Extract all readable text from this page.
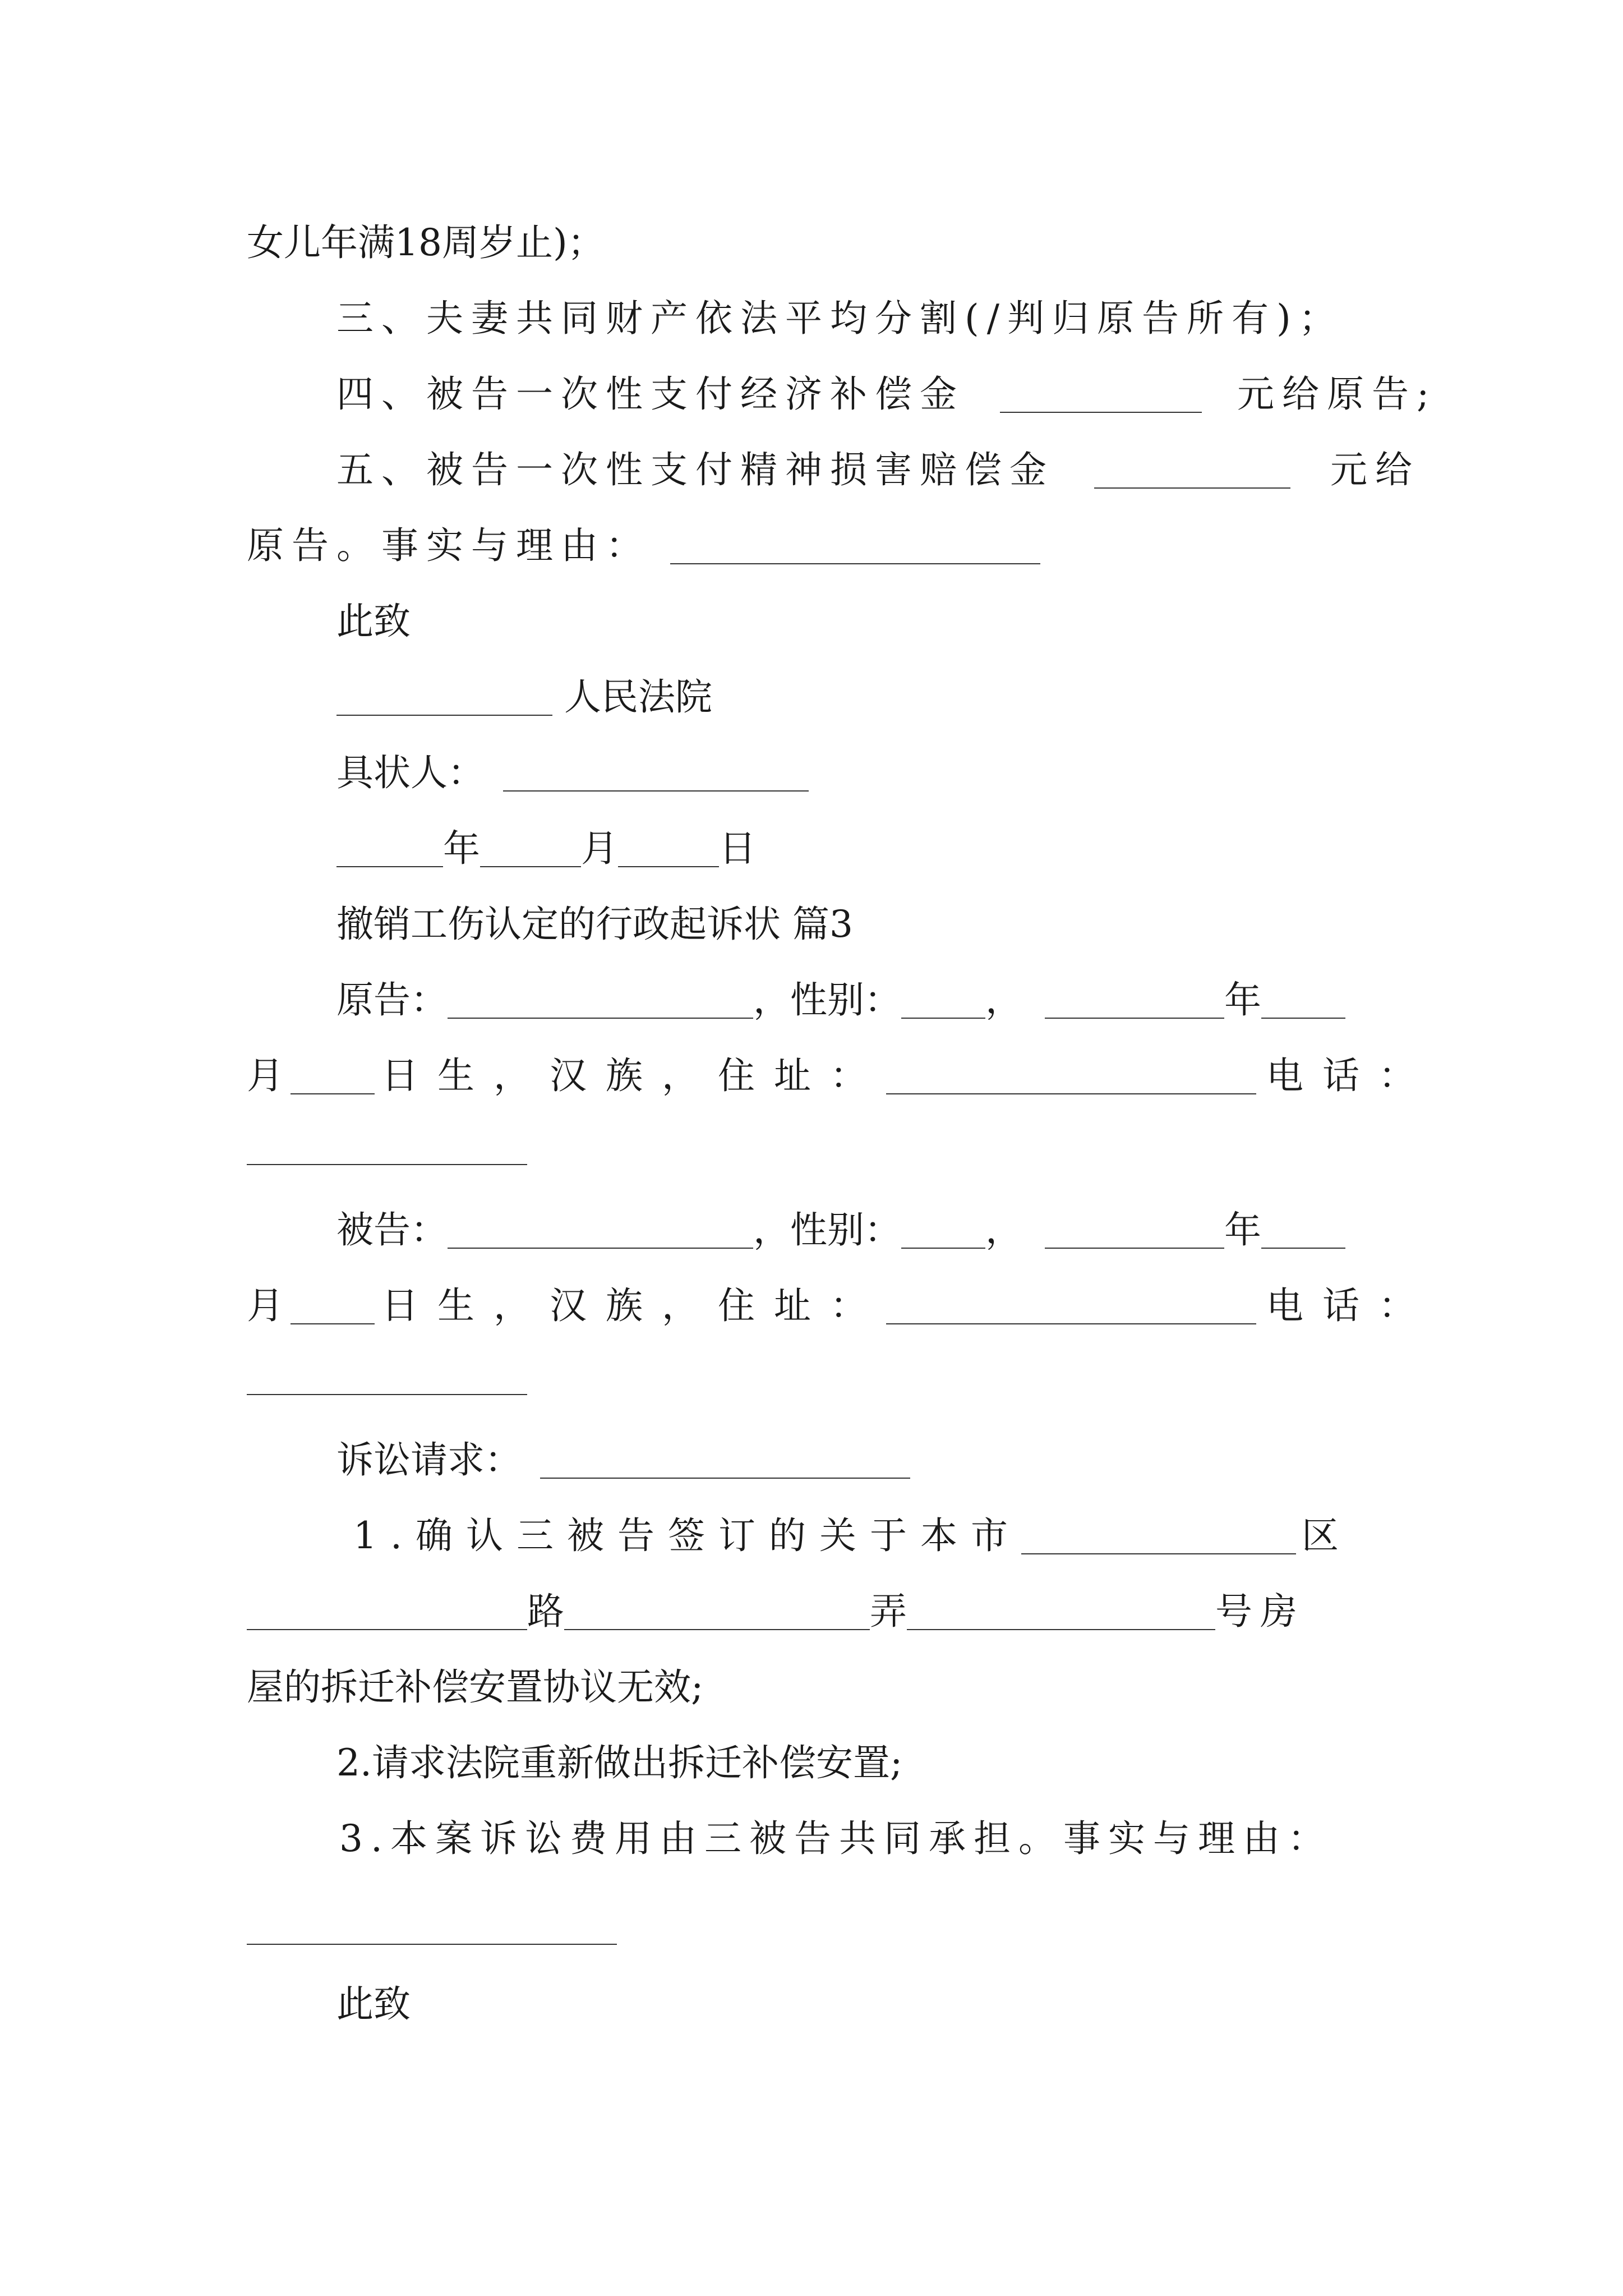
女儿年满18周岁止)；
三、夫妻共同财产依法平均分割(/判归原告所有)；
四、被告一次性支付经济补偿金	元给原告;
五、被告一次性支付精神损害赔偿金	元给
原告。事实与理由：
此致
人民法院
具状人：
年	月	日
撤销工伤认定的行政起诉状 篇3
原告：	，性别： ，	年
月	日生，汉族，住址：	电话：
被告：	，性别： ，	年
月	日生，汉族，住址：	电话：
诉讼请求：
1.确认三被告签订的关于本市	区
路	弄	号房
屋的拆迁补偿安置协议无效;
2.请求法院重新做出拆迁补偿安置;
3.本案诉讼费用由三被告共同承担。事实与理由：
此致
